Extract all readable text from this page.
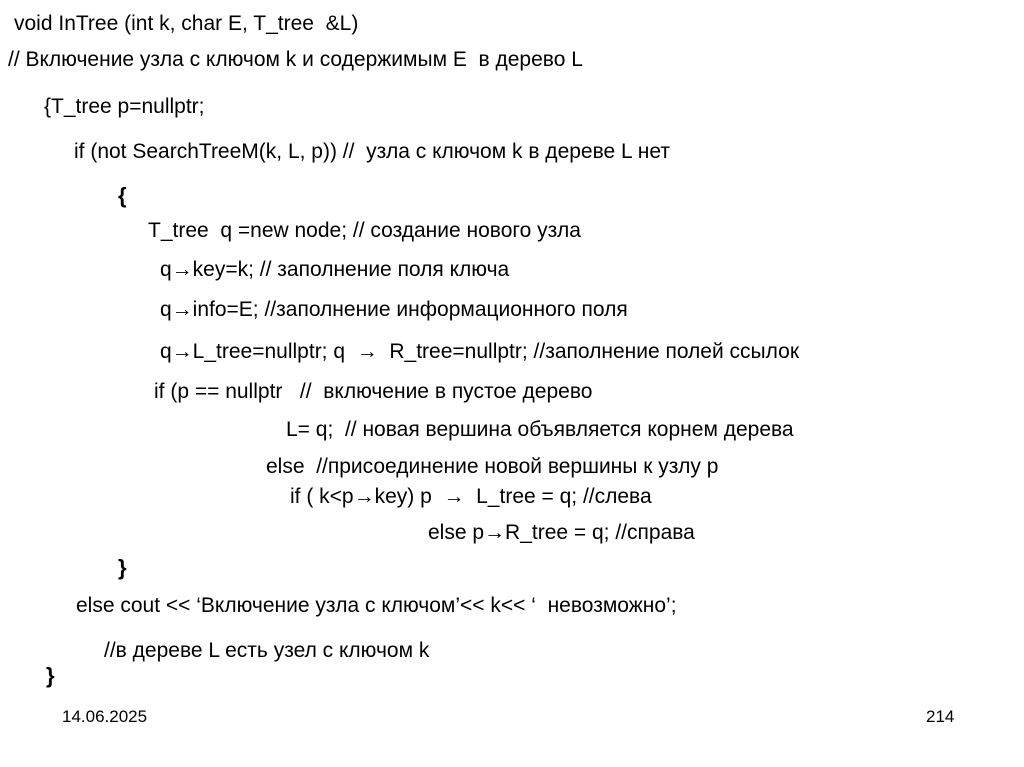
void InTree (int k, char E, T_tree  &L)
// Включение узла с ключом k и содержимым E  в дерево L
{T_tree p=nullptr;
if (not SearchTreeM(k, L, p)) //  узла с ключом k в дереве L нет
{
T_tree  q =new node; // создание нового узла
q→key=k; // заполнение поля ключа
q→info=E; //заполнение информационного поля
q→L_tree=nullptr; q  →  R_tree=nullptr; //заполнение полей ссылок
if (p == nullptr   //  включение в пустое дерево
L= q;  // новая вершина объявляется корнем дерева
else  //присоединение новой вершины к узлу p
if ( k<p→key) p  →  L_tree = q; //слева
else p→R_tree = q; //справа
}
else cout << ‘Включение узла с ключом’<< k<< ‘  невозможно’;
//в дереве L есть узел с ключом k
}
14.06.2025	214
